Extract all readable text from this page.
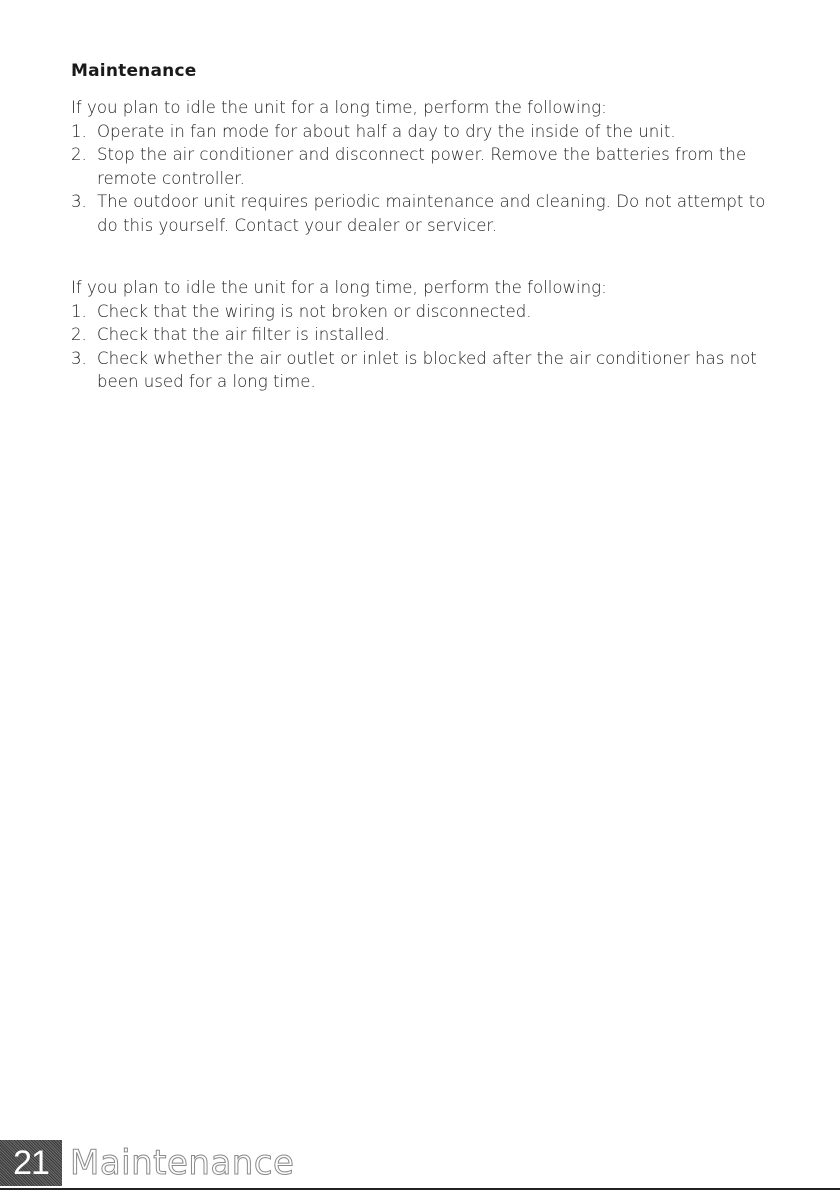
Maintenance

If you plan to idle the unit for a long time, perform the following:

1. Operate in fan mode for about half a day to dry the inside of the unit.
2. Stop the air conditioner and disconnect power. Remove the batteries from the remote controller.
3. The outdoor unit requires periodic maintenance and cleaning. Do not attempt to do this yourself. Contact your dealer or servicer.

If you plan to idle the unit for a long time, perform the following:

1. Check that the wiring is not broken or disconnected.
2. Check that the air filter is installed.
3. Check whether the air outlet or inlet is blocked after the air conditioner has not been used for a long time.
21 Maintenance
